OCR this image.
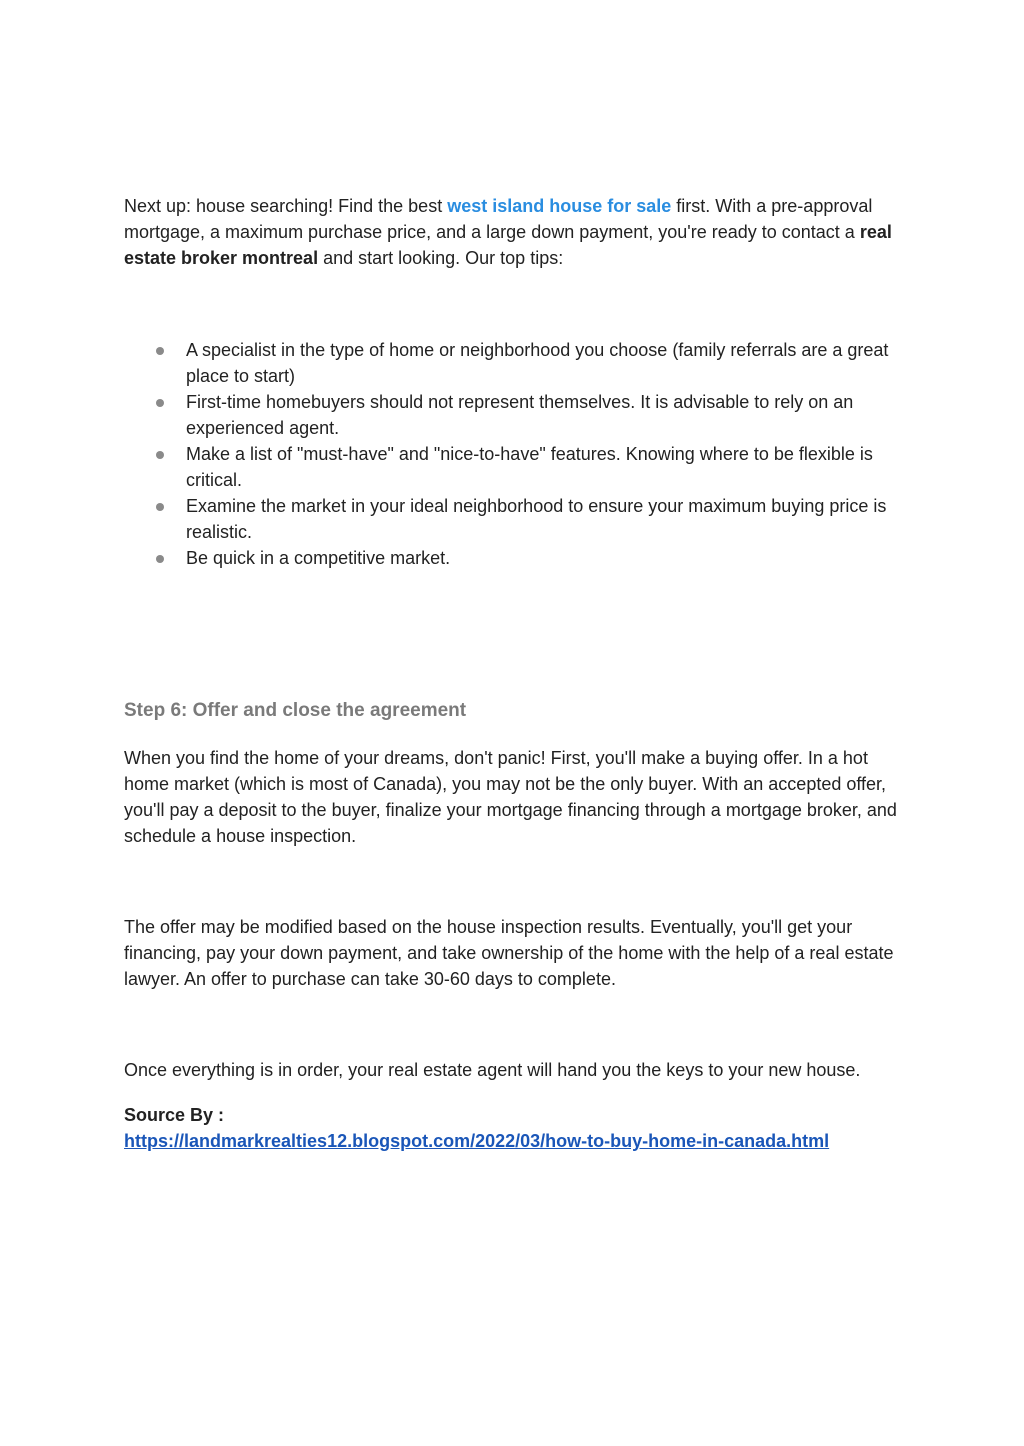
Next up: house searching! Find the best west island house for sale first. With a pre-approval mortgage, a maximum purchase price, and a large down payment, you're ready to contact a real estate broker montreal and start looking. Our top tips:

A specialist in the type of home or neighborhood you choose (family referrals are a great place to start)
First-time homebuyers should not represent themselves. It is advisable to rely on an experienced agent.
Make a list of "must-have" and "nice-to-have" features. Knowing where to be flexible is critical.
Examine the market in your ideal neighborhood to ensure your maximum buying price is realistic.
Be quick in a competitive market.
Step 6: Offer and close the agreement

When you find the home of your dreams, don't panic! First, you'll make a buying offer. In a hot home market (which is most of Canada), you may not be the only buyer. With an accepted offer, you'll pay a deposit to the buyer, finalize your mortgage financing through a mortgage broker, and schedule a house inspection.

The offer may be modified based on the house inspection results. Eventually, you'll get your financing, pay your down payment, and take ownership of the home with the help of a real estate lawyer. An offer to purchase can take 30-60 days to complete.

Once everything is in order, your real estate agent will hand you the keys to your new house.

Source By :
https://landmarkrealties12.blogspot.com/2022/03/how-to-buy-home-in-canada.html
